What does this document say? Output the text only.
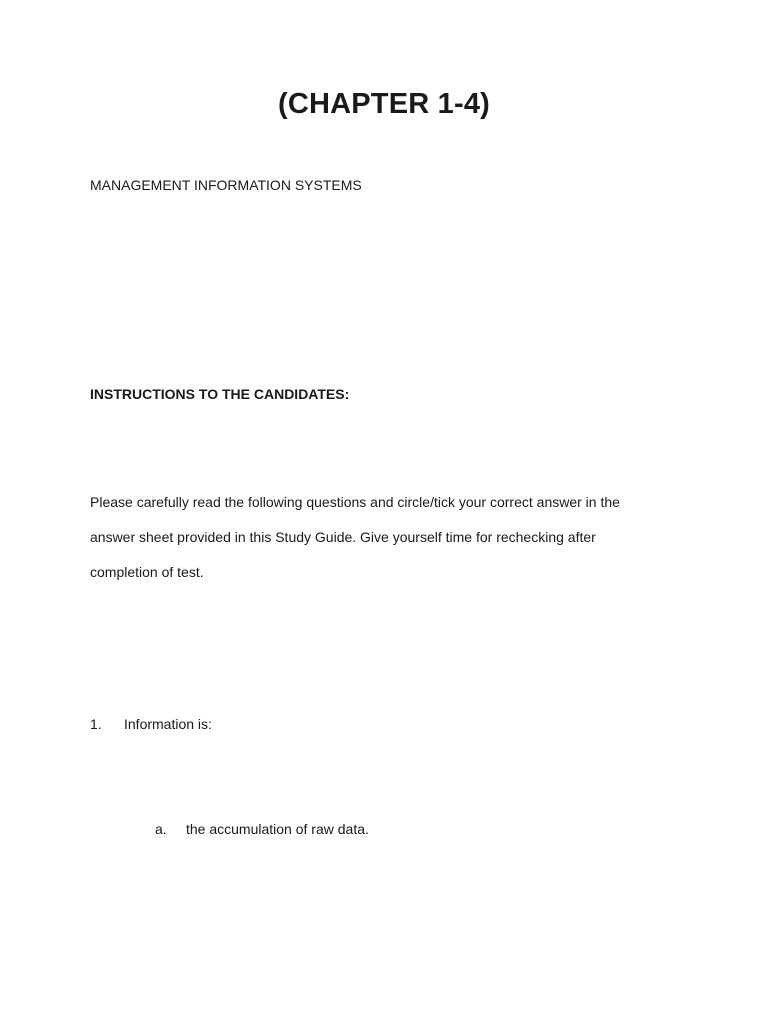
(CHAPTER 1-4)
MANAGEMENT INFORMATION SYSTEMS
INSTRUCTIONS TO THE CANDIDATES:
Please carefully read the following questions and circle/tick your correct answer in the
answer sheet provided in this Study Guide. Give yourself time for rechecking after
completion of test.
1. Information is:
a. the accumulation of raw data.
